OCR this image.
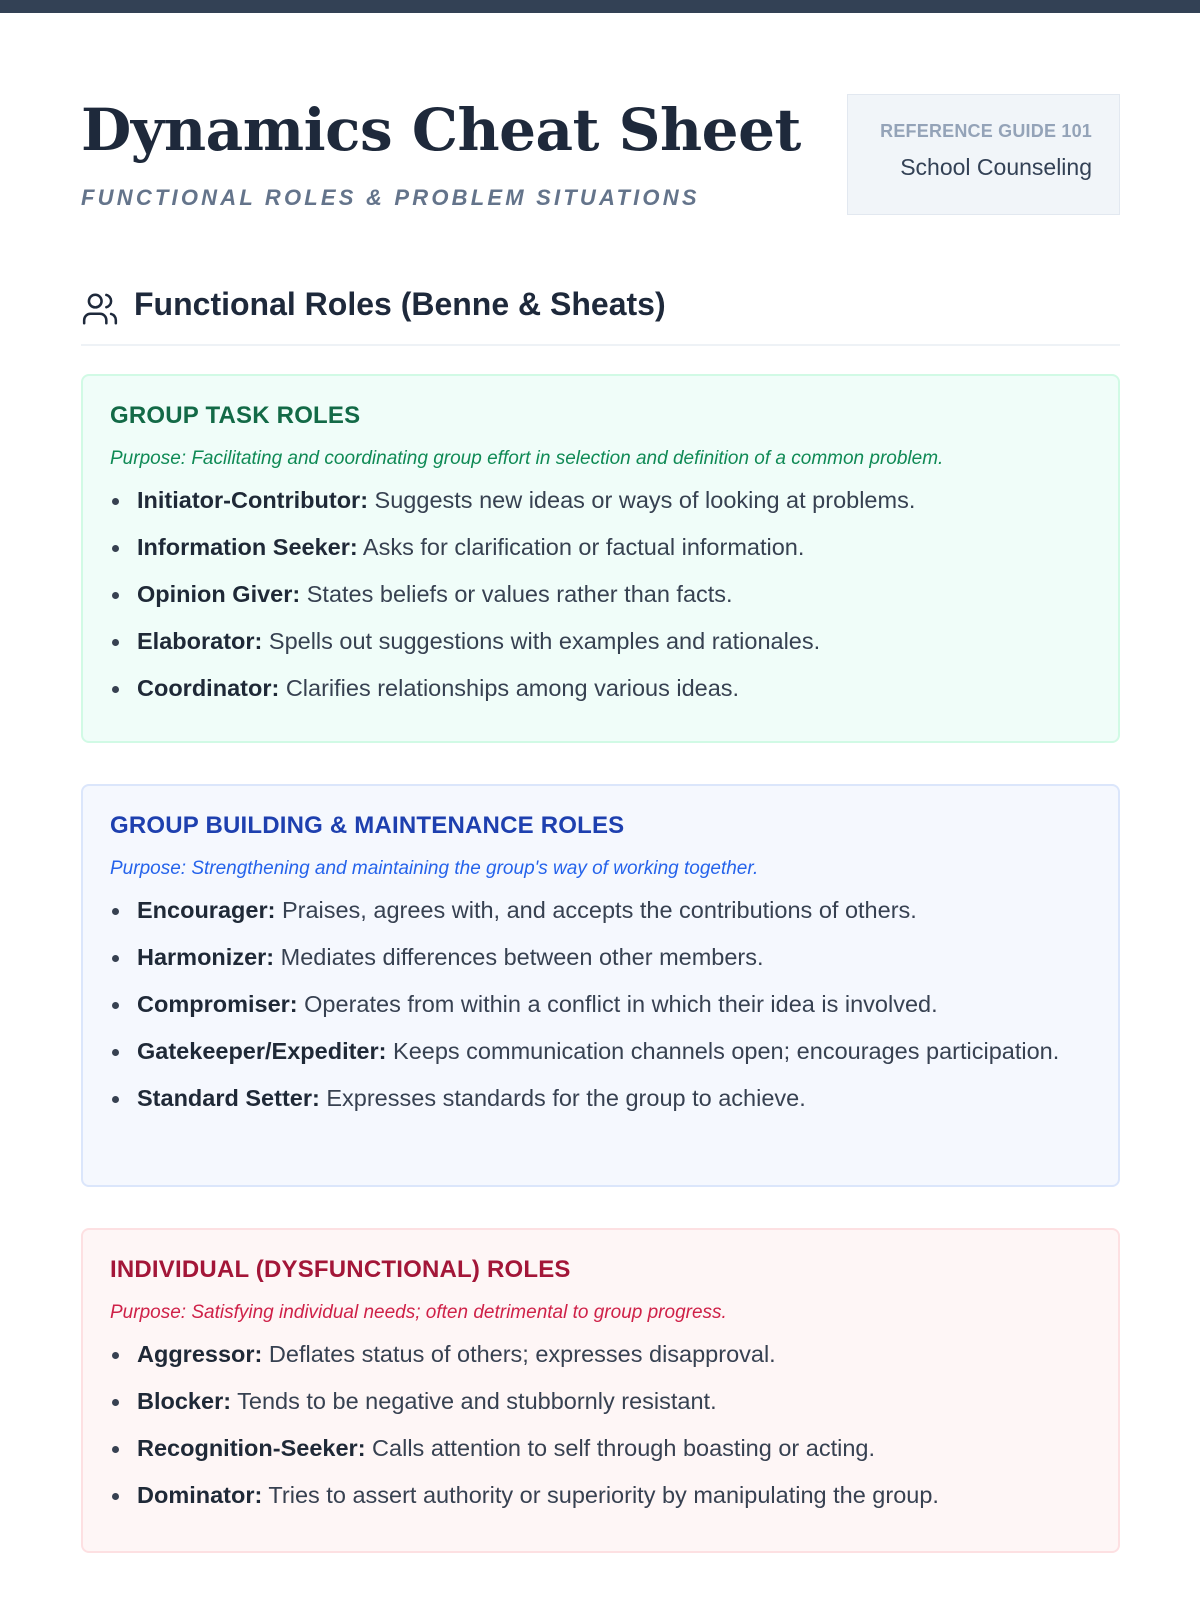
Dynamics Cheat Sheet

FUNCTIONAL ROLES & PROBLEM SITUATIONS

REFERENCE GUIDE 101
School Counseling
Functional Roles (Benne & Sheats)
GROUP TASK ROLES

Purpose: Facilitating and coordinating group effort in selection and definition of a common problem.

Initiator-Contributor: Suggests new ideas or ways of looking at problems.
Information Seeker: Asks for clarification or factual information.
Opinion Giver: States beliefs or values rather than facts.
Elaborator: Spells out suggestions with examples and rationales.
Coordinator: Clarifies relationships among various ideas.
GROUP BUILDING & MAINTENANCE ROLES

Purpose: Strengthening and maintaining the group's way of working together.

Encourager: Praises, agrees with, and accepts the contributions of others.
Harmonizer: Mediates differences between other members.
Compromiser: Operates from within a conflict in which their idea is involved.
Gatekeeper/Expediter: Keeps communication channels open; encourages participation.
Standard Setter: Expresses standards for the group to achieve.
INDIVIDUAL (DYSFUNCTIONAL) ROLES

Purpose: Satisfying individual needs; often detrimental to group progress.

Aggressor: Deflates status of others; expresses disapproval.
Blocker: Tends to be negative and stubbornly resistant.
Recognition-Seeker: Calls attention to self through boasting or acting.
Dominator: Tries to assert authority or superiority by manipulating the group.
